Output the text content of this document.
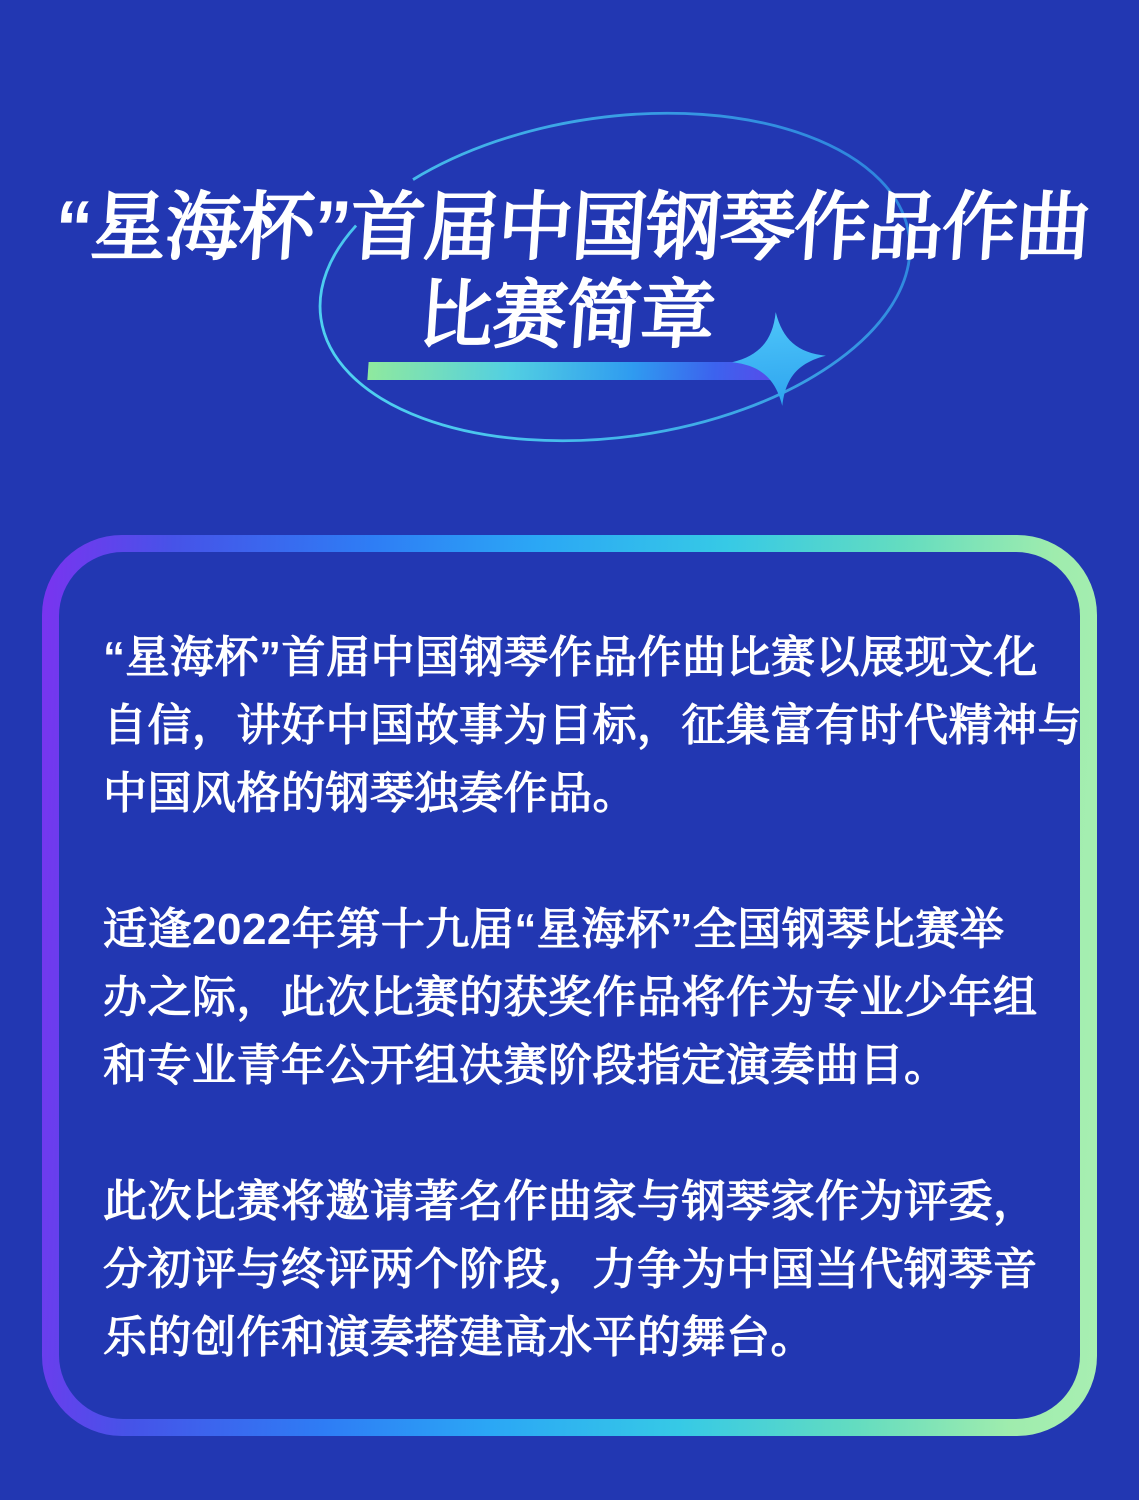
“星海杯”首届中国钢琴作品作曲
比赛简章

“星海杯”首届中国钢琴作品作曲比赛以展现文化
自信，讲好中国故事为目标，征集富有时代精神与
中国风格的钢琴独奏作品。

适逢2022年第十九届“星海杯”全国钢琴比赛举
办之际，此次比赛的获奖作品将作为专业少年组
和专业青年公开组决赛阶段指定演奏曲目。

此次比赛将邀请著名作曲家与钢琴家作为评委，
分初评与终评两个阶段，力争为中国当代钢琴音
乐的创作和演奏搭建高水平的舞台。
